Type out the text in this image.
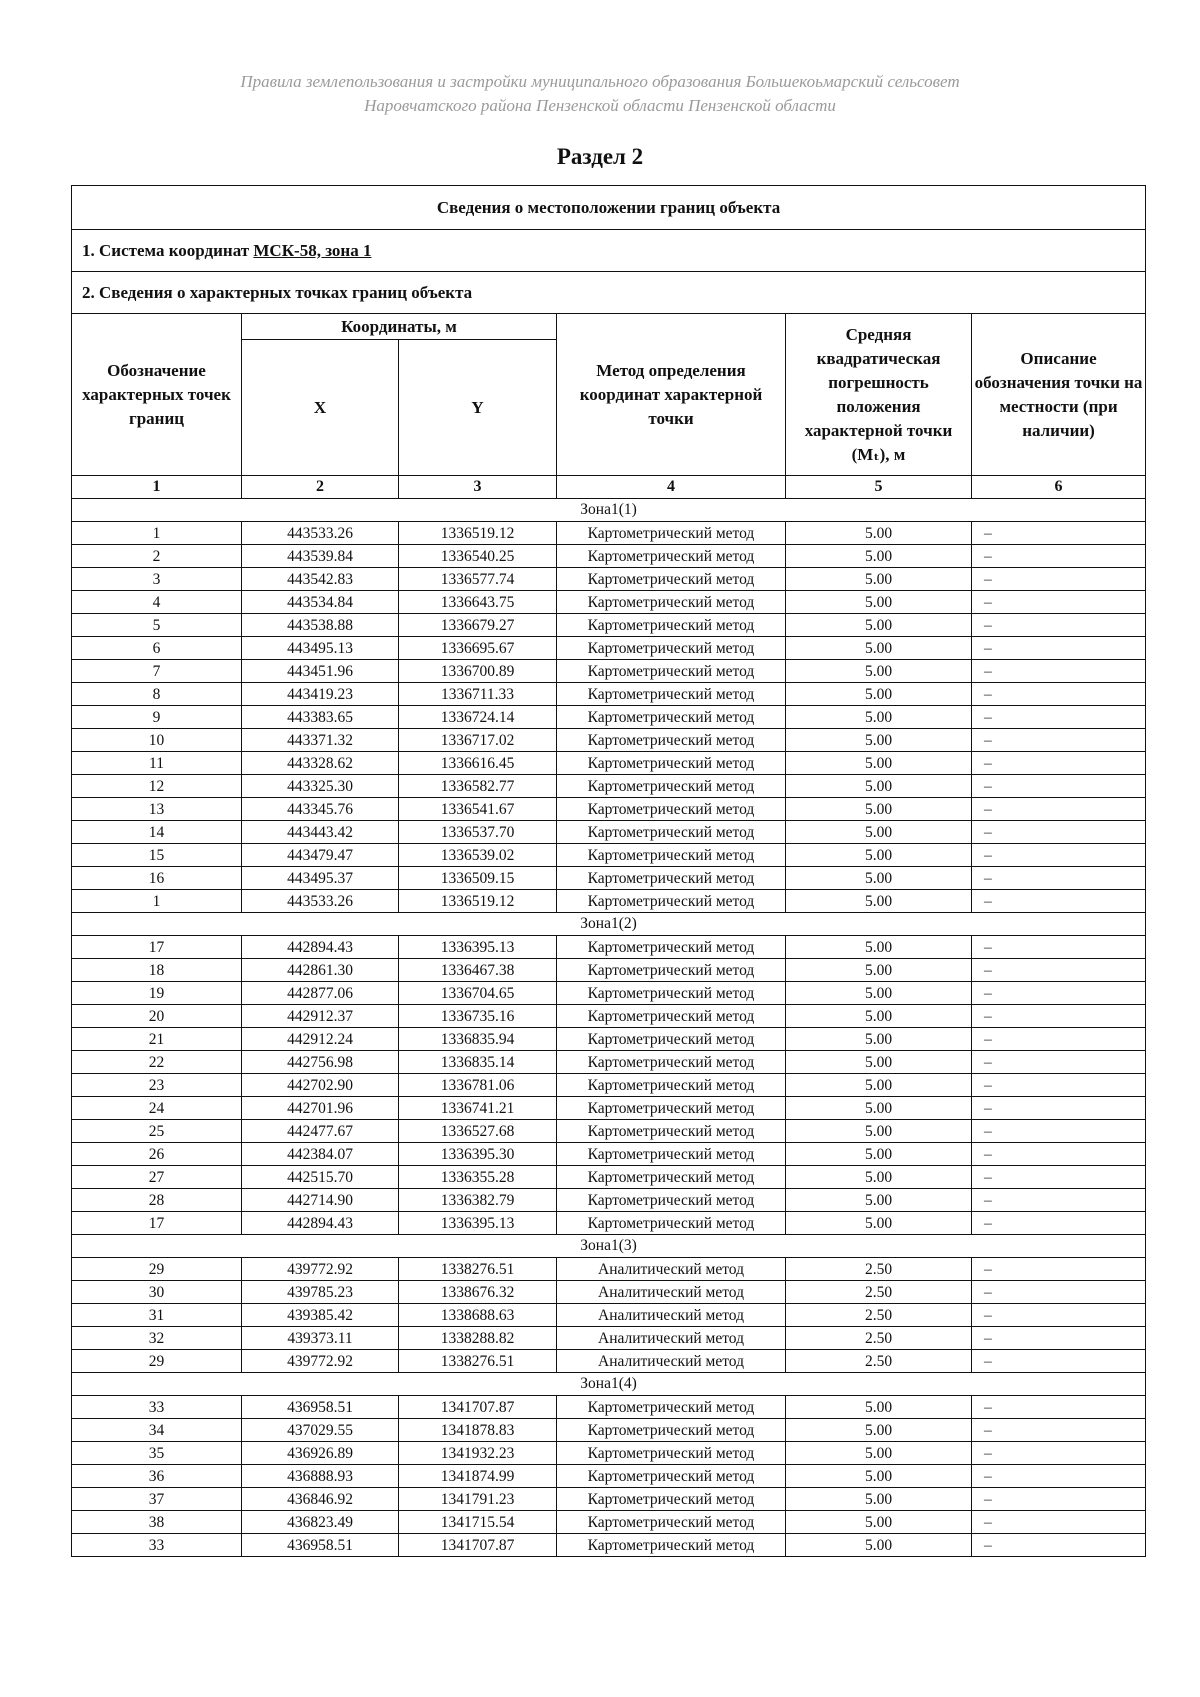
Правила землепользования и застройки муниципального образования Большекоьмарский сельсовет
Наровчатского района Пензенской области Пензенской области
Раздел 2
Сведения о местоположении границ объекта					
1. Система координат МСК-58, зона 1					
2. Сведения о характерных точках границ объекта					
Обозначение характерных точек границ	Координаты, м		Метод определения координат характерной точки	Средняя квадратическая погрешность положения характерной точки (Mₜ), м	Описание обозначения точки на местности (при наличии)
	X	Y			
1	2	3	4	5	6
Зона1(1)					
1	443533.26	1336519.12	Картометрический метод	5.00	–
2	443539.84	1336540.25	Картометрический метод	5.00	–
3	443542.83	1336577.74	Картометрический метод	5.00	–
4	443534.84	1336643.75	Картометрический метод	5.00	–
5	443538.88	1336679.27	Картометрический метод	5.00	–
6	443495.13	1336695.67	Картометрический метод	5.00	–
7	443451.96	1336700.89	Картометрический метод	5.00	–
8	443419.23	1336711.33	Картометрический метод	5.00	–
9	443383.65	1336724.14	Картометрический метод	5.00	–
10	443371.32	1336717.02	Картометрический метод	5.00	–
11	443328.62	1336616.45	Картометрический метод	5.00	–
12	443325.30	1336582.77	Картометрический метод	5.00	–
13	443345.76	1336541.67	Картометрический метод	5.00	–
14	443443.42	1336537.70	Картометрический метод	5.00	–
15	443479.47	1336539.02	Картометрический метод	5.00	–
16	443495.37	1336509.15	Картометрический метод	5.00	–
1	443533.26	1336519.12	Картометрический метод	5.00	–
Зона1(2)					
17	442894.43	1336395.13	Картометрический метод	5.00	–
18	442861.30	1336467.38	Картометрический метод	5.00	–
19	442877.06	1336704.65	Картометрический метод	5.00	–
20	442912.37	1336735.16	Картометрический метод	5.00	–
21	442912.24	1336835.94	Картометрический метод	5.00	–
22	442756.98	1336835.14	Картометрический метод	5.00	–
23	442702.90	1336781.06	Картометрический метод	5.00	–
24	442701.96	1336741.21	Картометрический метод	5.00	–
25	442477.67	1336527.68	Картометрический метод	5.00	–
26	442384.07	1336395.30	Картометрический метод	5.00	–
27	442515.70	1336355.28	Картометрический метод	5.00	–
28	442714.90	1336382.79	Картометрический метод	5.00	–
17	442894.43	1336395.13	Картометрический метод	5.00	–
Зона1(3)					
29	439772.92	1338276.51	Аналитический метод	2.50	–
30	439785.23	1338676.32	Аналитический метод	2.50	–
31	439385.42	1338688.63	Аналитический метод	2.50	–
32	439373.11	1338288.82	Аналитический метод	2.50	–
29	439772.92	1338276.51	Аналитический метод	2.50	–
Зона1(4)					
33	436958.51	1341707.87	Картометрический метод	5.00	–
34	437029.55	1341878.83	Картометрический метод	5.00	–
35	436926.89	1341932.23	Картометрический метод	5.00	–
36	436888.93	1341874.99	Картометрический метод	5.00	–
37	436846.92	1341791.23	Картометрический метод	5.00	–
38	436823.49	1341715.54	Картометрический метод	5.00	–
33	436958.51	1341707.87	Картометрический метод	5.00	–
